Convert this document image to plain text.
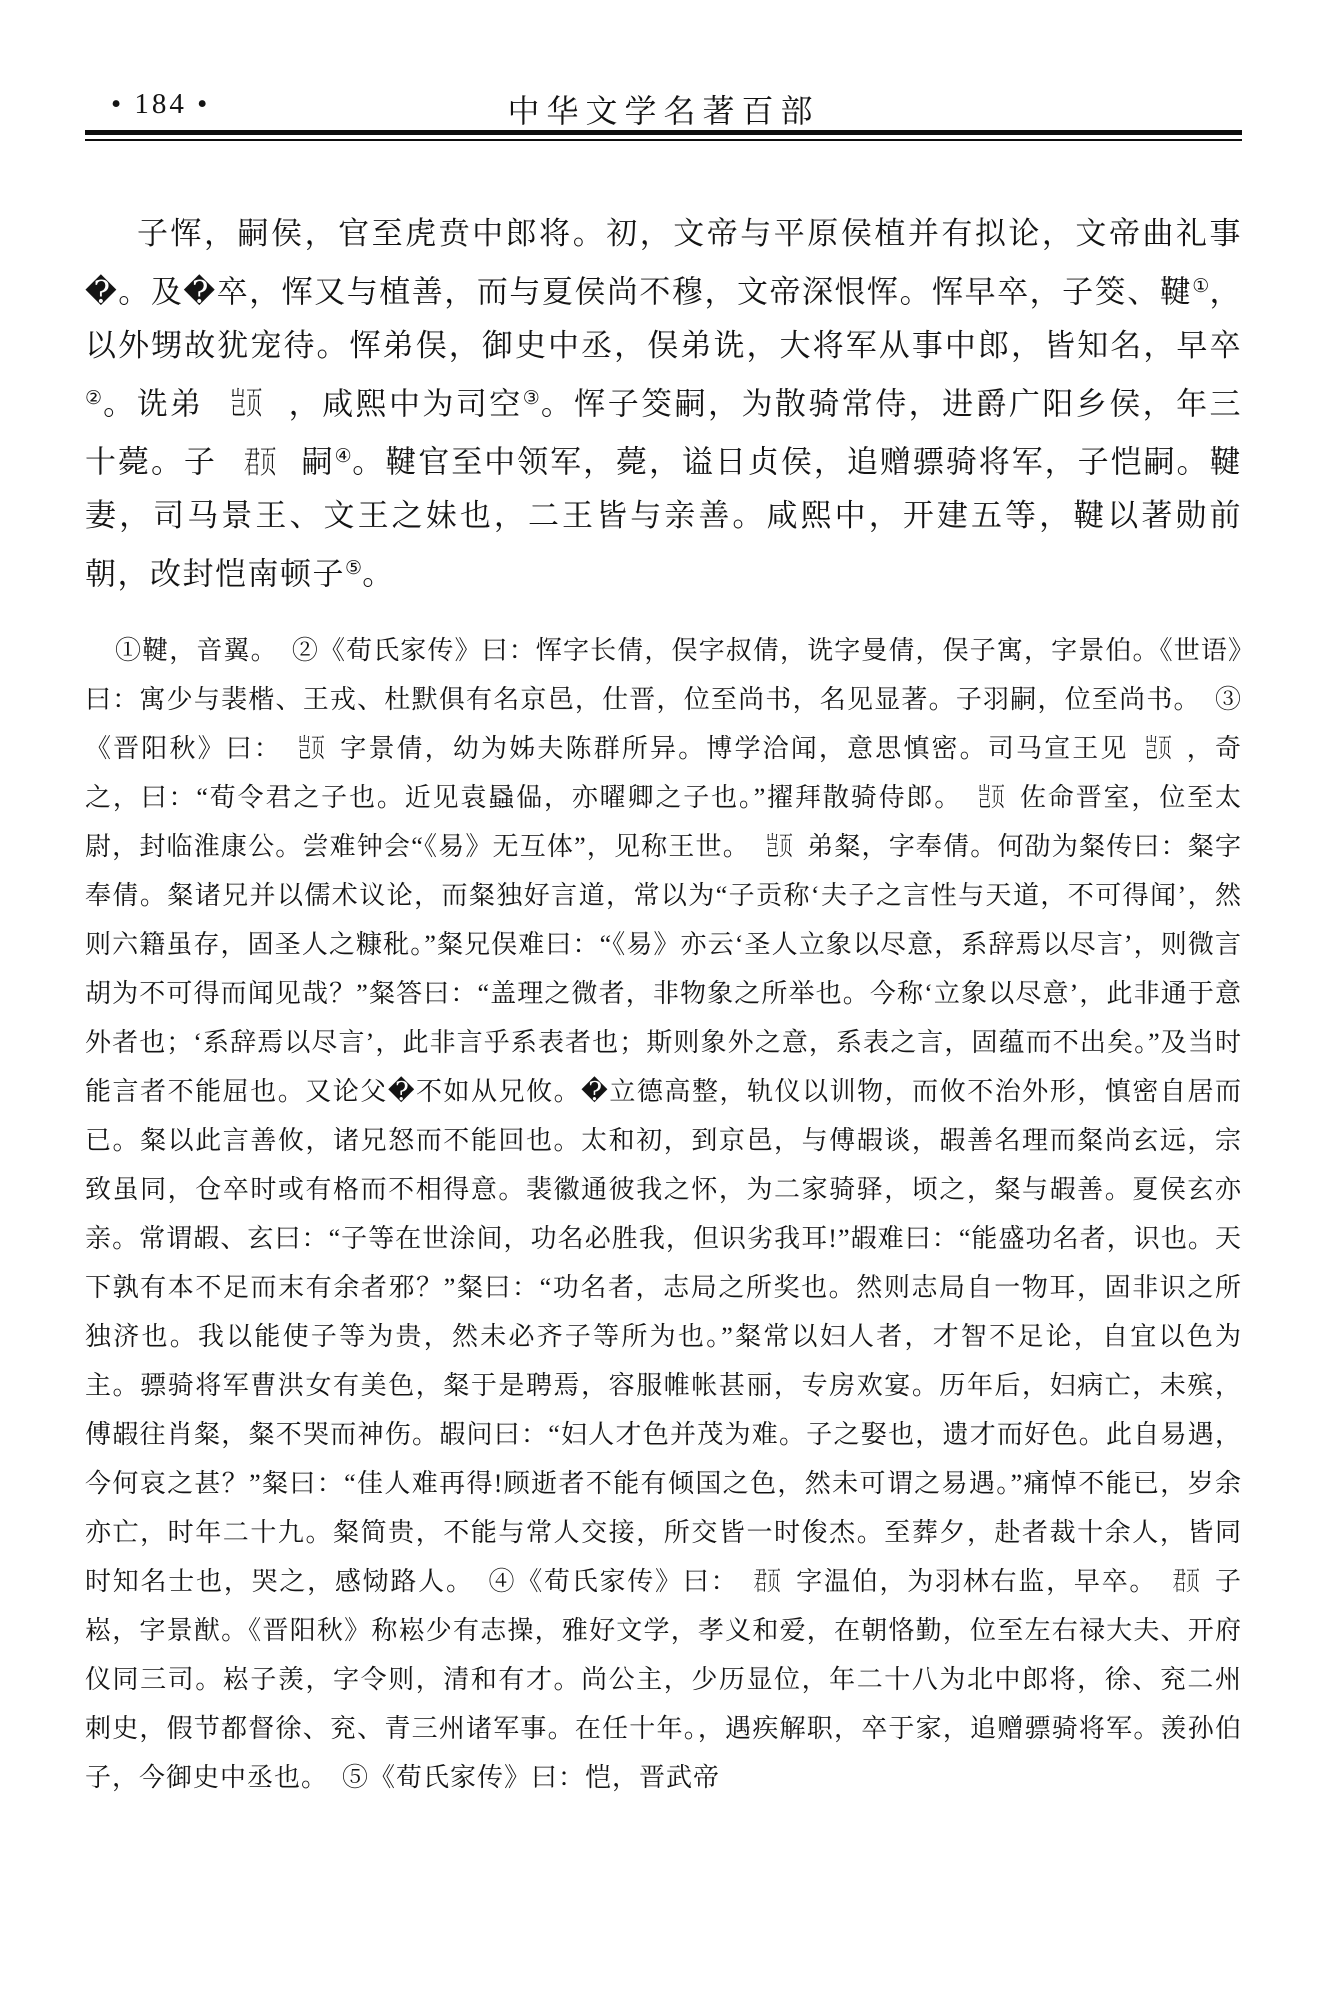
• 184 •	中华文学名著百部

子恽，嗣侯，官至虎贲中郎将。初，文帝与平原侯植并有拟论，文帝曲礼事�。及�卒，恽又与植善，而与夏侯尚不穆，文帝深恨恽。恽早卒，子筊、鞬①，以外甥故犹宠待。恽弟俣，御史中丞，俣弟诜，大将军从事中郎，皆知名，早卒②。诜弟 岂页 ，咸熙中为司空③。恽子筊嗣，为散骑常侍，进爵广阳乡侯，年三十薨。子 君页 嗣④。鞬官至中领军，薨，谥日贞侯，追赠骠骑将军，子恺嗣。鞬妻，司马景王、文王之妹也，二王皆与亲善。咸熙中，开建五等，鞬以著勋前朝，改封恺南顿子⑤。

①鞬，音翼。　②《荀氏家传》曰：恽字长倩，俣字叔倩，诜字曼倩，俣子寓，字景伯。《世语》曰：寓少与裴楷、王戎、杜默俱有名京邑，仕晋，位至尚书，名见显著。子羽嗣，位至尚书。　③《晋阳秋》曰： 岂页 字景倩，幼为姊夫陈群所异。博学洽闻，意思慎密。司马宣王见 岂页 ，奇之，曰：“荀令君之子也。近见袁蟁偘，亦曜卿之子也。”擢拜散骑侍郎。 岂页 佐命晋室，位至太尉，封临淮康公。尝难钟会“《易》无互体”，见称王世。 岂页 弟粲，字奉倩。何劭为粲传曰：粲字奉倩。粲诸兄并以儒术议论，而粲独好言道，常以为“子贡称‘夫子之言性与天道，不可得闻’，然则六籍虽存，固圣人之糠秕。”粲兄俣难曰：“《易》亦云‘圣人立象以尽意，系辞焉以尽言’，则微言胡为不可得而闻见哉？”粲答曰：“盖理之微者，非物象之所举也。今称‘立象以尽意’，此非通于意外者也；‘系辞焉以尽言’，此非言乎系表者也；斯则象外之意，系表之言，固蕴而不出矣。”及当时能言者不能屈也。又论父�不如从兄攸。�立德高整，轨仪以训物，而攸不治外形，慎密自居而已。粲以此言善攸，诸兄怒而不能回也。太和初，到京邑，与傅嘏谈，嘏善名理而粲尚玄远，宗致虽同，仓卒时或有格而不相得意。裴徽通彼我之怀，为二家骑驿，顷之，粲与嘏善。夏侯玄亦亲。常谓嘏、玄曰：“子等在世涂间，功名必胜我，但识劣我耳!”嘏难曰：“能盛功名者，识也。天下孰有本不足而末有余者邪？”粲曰：“功名者，志局之所奖也。然则志局自一物耳，固非识之所独济也。我以能使子等为贵，然未必齐子等所为也。”粲常以妇人者，才智不足论，自宜以色为主。骠骑将军曹洪女有美色，粲于是聘焉，容服帷帐甚丽，专房欢宴。历年后，妇病亡，未殡，傅嘏往肖粲，粲不哭而神伤。嘏问曰：“妇人才色并茂为难。子之娶也，遗才而好色。此自易遇，今何哀之甚？”粲曰：“佳人难再得!顾逝者不能有倾国之色，然未可谓之易遇。”痛悼不能已，岁余亦亡，时年二十九。粲简贵，不能与常人交接，所交皆一时俊杰。至葬夕，赴者裁十余人，皆同时知名士也，哭之，感恸路人。　④《荀氏家传》曰： 君页 字温伯，为羽林右监，早卒。 君页 子崧，字景猷。《晋阳秋》称崧少有志操，雅好文学，孝义和爱，在朝恪勤，位至左右禄大夫、开府仪同三司。崧子羡，字令则，清和有才。尚公主，少历显位，年二十八为北中郎将，徐、兖二州刺史，假节都督徐、兖、青三州诸军事。在任十年。，遇疾解职，卒于家，追赠骠骑将军。羡孙伯子，今御史中丞也。　⑤《荀氏家传》曰：恺，晋武帝
